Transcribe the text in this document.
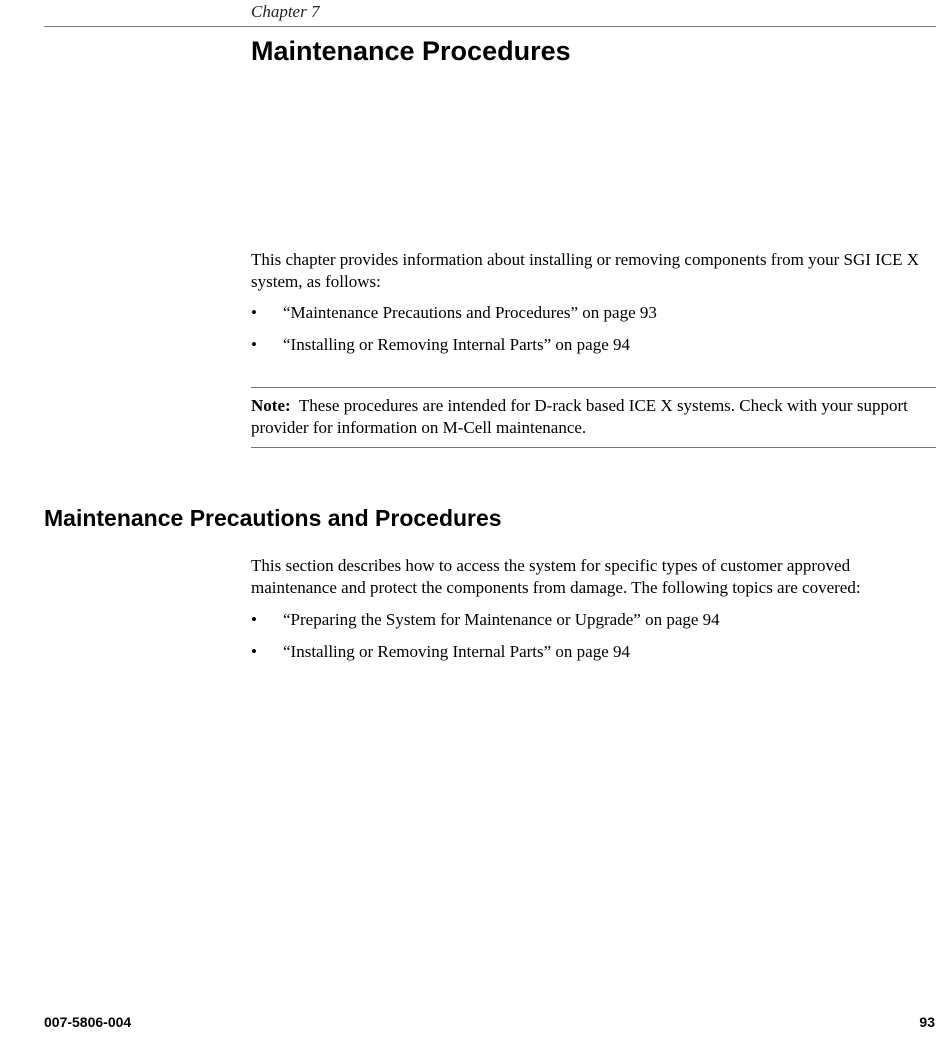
Chapter 7
Maintenance Procedures

This chapter provides information about installing or removing components from your SGI ICE X system, as follows:

• “Maintenance Precautions and Procedures” on page 93
• “Installing or Removing Internal Parts” on page 94

Note: These procedures are intended for D-rack based ICE X systems. Check with your support provider for information on M-Cell maintenance.

Maintenance Precautions and Procedures

This section describes how to access the system for specific types of customer approved maintenance and protect the components from damage. The following topics are covered:

• “Preparing the System for Maintenance or Upgrade” on page 94
• “Installing or Removing Internal Parts” on page 94
007-5806-004	93
